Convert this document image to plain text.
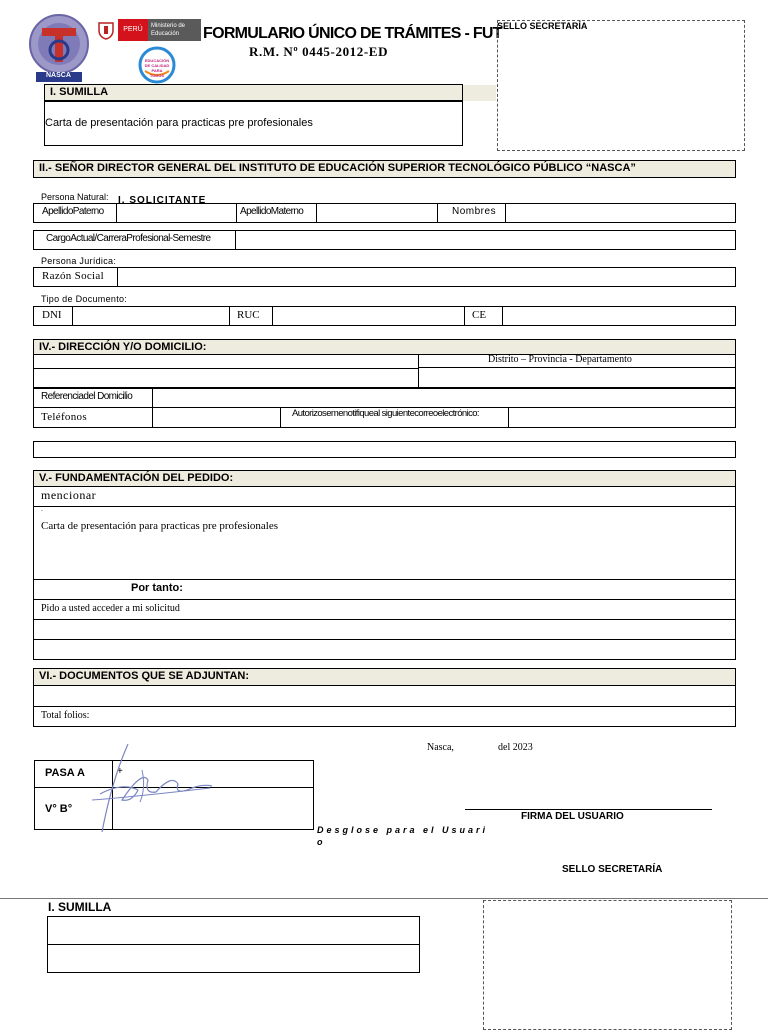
NASCA
PERÚ	Ministerio de Educación
EDUCACIÓN DE CALIDAD PARA TODOS
FORMULARIO ÚNICO DE TRÁMITES - FUT
R.M. Nº 0445-2012-ED
SELLO SECRETARÍA
I. SUMILLA
Carta de presentación para practicas pre profesionales
II.- SEÑOR DIRECTOR GENERAL DEL INSTITUTO DE EDUCACIÓN SUPERIOR TECNOLÓGICO PÚBLICO “NASCA”
Persona Natural: I. SOLICITANTE
ApellidoPaterno	ApellidoMaterno	Nombres
CargoActual/CarreraProfesional-Semestre
Persona Jurídica:
Razón Social
Tipo de Documento:
DNI	RUC	CE
IV.- DIRECCIÓN Y/O DOMICILIO:
Distrito – Provincia - Departamento
Referenciadel Domicilio
Teléfonos	Autorizosemenotifiqueal siguientecorreoelectrónico:
V.- FUNDAMENTACIÓN DEL PEDIDO:
mencionar
.
Carta de presentación para practicas pre profesionales
Por tanto:
Pido a usted acceder a mi solicitud
VI.- DOCUMENTOS QUE SE ADJUNTAN:
Total folios:
Nasca,	del 2023
PASA A	+
V° B°
FIRMA DEL USUARIO
Desglose para el Usuari
o
SELLO SECRETARÍA
I. SUMILLA
